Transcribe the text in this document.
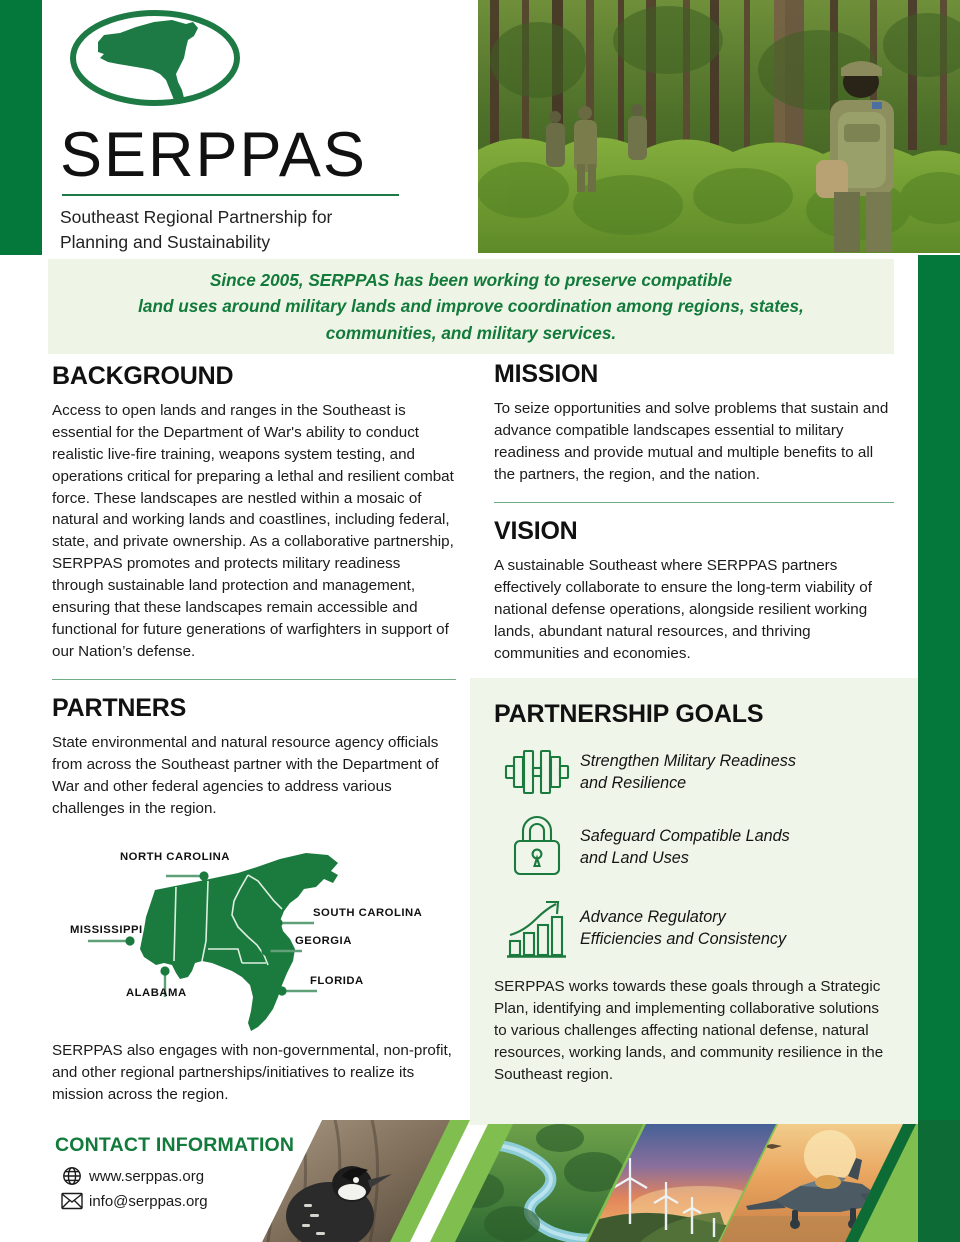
SERPPAS
Southeast Regional Partnership for
Planning and Sustainability

Since 2005, SERPPAS has been working to preserve compatible
land uses around military lands and improve coordination among regions, states,
communities, and military services.

BACKGROUND

Access to open lands and ranges in the Southeast is essential for the Department of War's ability to conduct realistic live-fire training, weapons system testing, and operations critical for preparing a lethal and resilient combat force. These landscapes are nestled within a mosaic of natural and working lands and coastlines, including federal, state, and private ownership. As a collaborative partnership, SERPPAS promotes and protects military readiness through sustainable land protection and management, ensuring that these landscapes remain accessible and functional for future generations of warfighters in support of our Nation’s defense.

PARTNERS

State environmental and natural resource agency officials from across the Southeast partner with the Department of War and other federal agencies to address various challenges in the region.

NORTH CAROLINA
SOUTH CAROLINA
GEORGIA
FLORIDA
MISSISSIPPI
ALABAMA

SERPPAS also engages with non-governmental, non-profit, and other regional partnerships/initiatives to realize its mission across the region.

MISSION

To seize opportunities and solve problems that sustain and advance compatible landscapes essential to military readiness and provide mutual and multiple benefits to all the partners, the region, and the nation.

VISION

A sustainable Southeast where SERPPAS partners effectively collaborate to ensure the long-term viability of national defense operations, alongside resilient working lands, abundant natural resources, and thriving communities and economies.

PARTNERSHIP GOALS
Strengthen Military Readiness
and Resilience
Safeguard Compatible Lands
and Land Uses
Advance Regulatory
Efficiencies and Consistency

SERPPAS works towards these goals through a Strategic Plan, identifying and implementing collaborative solutions to various challenges affecting national defense, natural resources, working lands, and community resilience in the Southeast region.

CONTACT INFORMATION
www.serppas.org
info@serppas.org
